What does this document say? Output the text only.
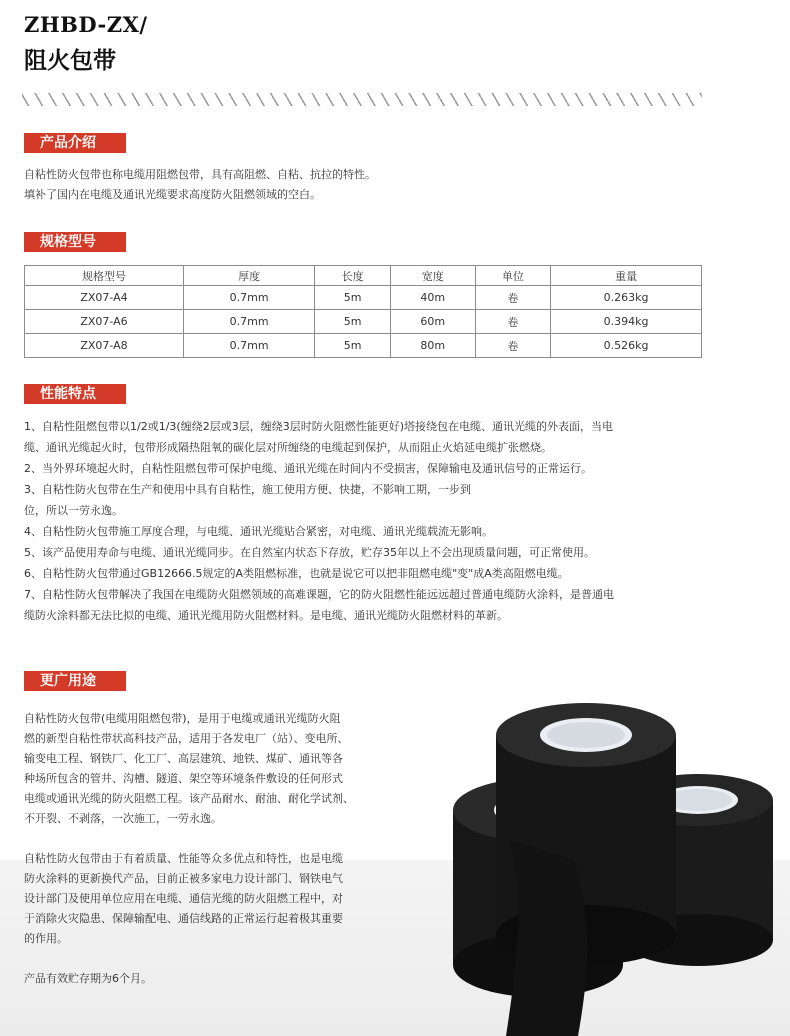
ZHBD-ZX/
阻火包带
产品介绍

自粘性防火包带也称电缆用阻燃包带，具有高阻燃、自粘、抗拉的特性。

填补了国内在电缆及通讯光缆要求高度防火阻燃领域的空白。

规格型号
规格型号	厚度	长度	宽度	单位	重量
ZX07-A4	0.7mm	5m	40m	卷	0.263kg
ZX07-A6	0.7mm	5m	60m	卷	0.394kg
ZX07-A8	0.7mm	5m	80m	卷	0.526kg
性能特点

1、自粘性阻燃包带以1/2或1/3(缠绕2层或3层，缠绕3层时防火阻燃性能更好)塔接绕包在电缆、通讯光缆的外表面，当电

缆、通讯光缆起火时，包带形成隔热阻氧的碳化层对所缠绕的电缆起到保护，从而阻止火焰延电缆扩张燃烧。

2、当外界环境起火时，自粘性阻燃包带可保护电缆、通讯光缆在时间内不受损害，保障输电及通讯信号的正常运行。

3、自粘性防火包带在生产和使用中具有自粘性，施工使用方便、快捷，不影响工期，一步到

位，所以一劳永逸。

4、自粘性防火包带施工厚度合理，与电缆、通讯光缆贴合紧密，对电缆、通讯光缆载流无影响。

5、该产品使用寿命与电缆、通讯光缆同步。在自然室内状态下存放，贮存35年以上不会出现质量问题，可正常使用。

6、自粘性防火包带通过GB12666.5规定的A类阻燃标准，也就是说它可以把非阻燃电缆"变"成A类高阻燃电缆。

7、自粘性防火包带解决了我国在电缆防火阻燃领域的高难课题，它的防火阻燃性能远远超过普通电缆防火涂料，是普通电

缆防火涂料都无法比拟的电缆、通讯光缆用防火阻燃材料。是电缆、通讯光缆防火阻燃材料的革新。

更广用途

自粘性防火包带(电缆用阻燃包带)，是用于电缆或通讯光缆防火阻

燃的新型自粘性带状高科技产品，适用于各发电厂（站）、变电所、

输变电工程、钢铁厂、化工厂、高层建筑、地铁、煤矿、通讯等各

种场所包含的管井、沟槽、隧道、架空等环境条件敷设的任何形式

电缆或通讯光缆的防火阻燃工程。该产品耐水、耐油、耐化学试剂、

不开裂、不剥落，一次施工，一劳永逸。

自粘性防火包带由于有着质量、性能等众多优点和特性，也是电缆

防火涂料的更新换代产品，目前正被多家电力设计部门、钢铁电气

设计部门及使用单位应用在电缆、通信光缆的防火阻燃工程中，对

于消除火灾隐患、保障输配电、通信线路的正常运行起着极其重要

的作用。

产品有效贮存期为6个月。
